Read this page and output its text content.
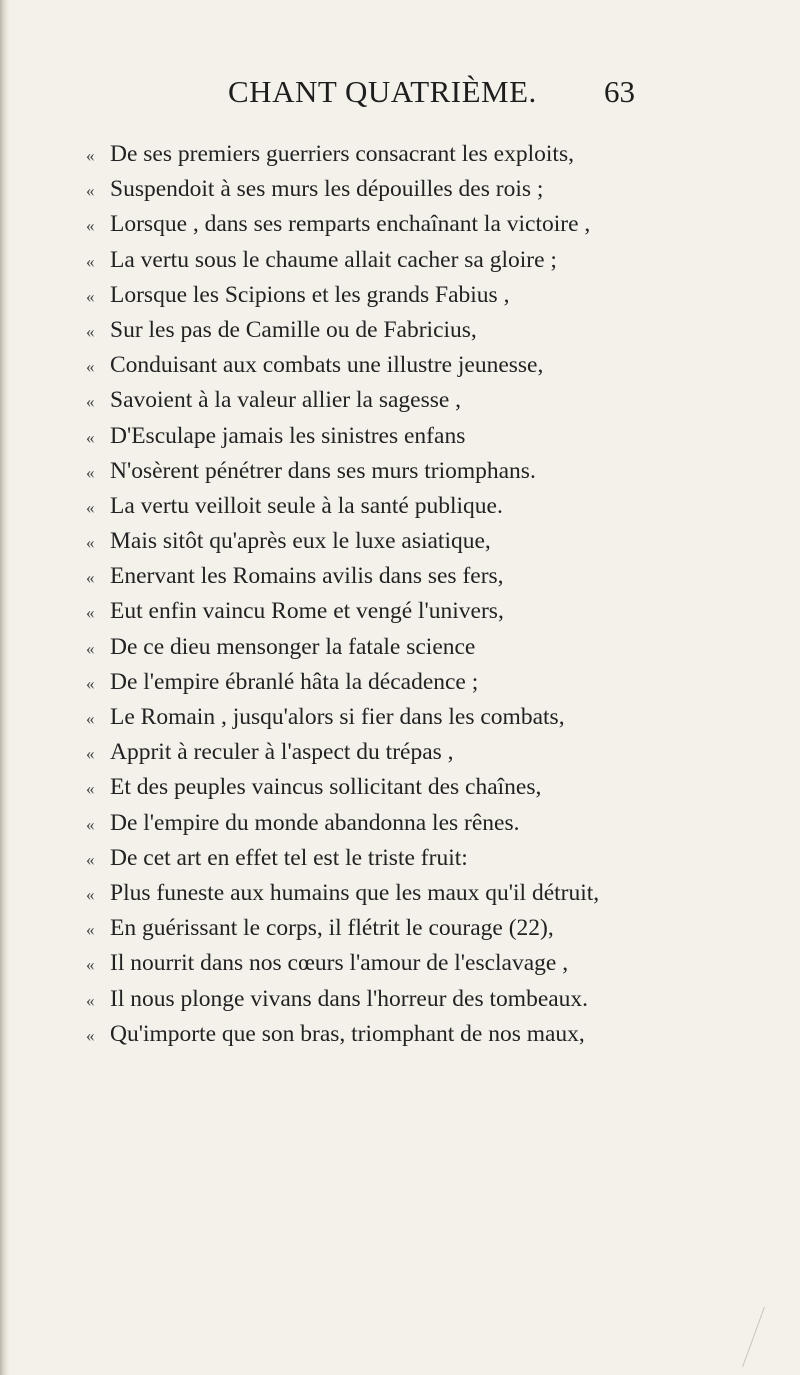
CHANT QUATRIÈME. 63
« De ses premiers guerriers consacrant les exploits,
« Suspendoit à ses murs les dépouilles des rois ;
« Lorsque , dans ses remparts enchaînant la victoire ,
« La vertu sous le chaume allait cacher sa gloire ;
« Lorsque les Scipions et les grands Fabius ,
« Sur les pas de Camille ou de Fabricius,
« Conduisant aux combats une illustre jeunesse,
« Savoient à la valeur allier la sagesse ,
« D'Esculape jamais les sinistres enfans
« N'osèrent pénétrer dans ses murs triomphans.
« La vertu veilloit seule à la santé publique.
« Mais sitôt qu'après eux le luxe asiatique,
« Enervant les Romains avilis dans ses fers,
« Eut enfin vaincu Rome et vengé l'univers,
« De ce dieu mensonger la fatale science
« De l'empire ébranlé hâta la décadence ;
« Le Romain , jusqu'alors si fier dans les combats,
« Apprit à reculer à l'aspect du trépas ,
« Et des peuples vaincus sollicitant des chaînes,
« De l'empire du monde abandonna les rênes.
« De cet art en effet tel est le triste fruit:
« Plus funeste aux humains que les maux qu'il détruit,
« En guérissant le corps, il flétrit le courage (22),
« Il nourrit dans nos cœurs l'amour de l'esclavage ,
« Il nous plonge vivans dans l'horreur des tombeaux.
« Qu'importe que son bras, triomphant de nos maux,
